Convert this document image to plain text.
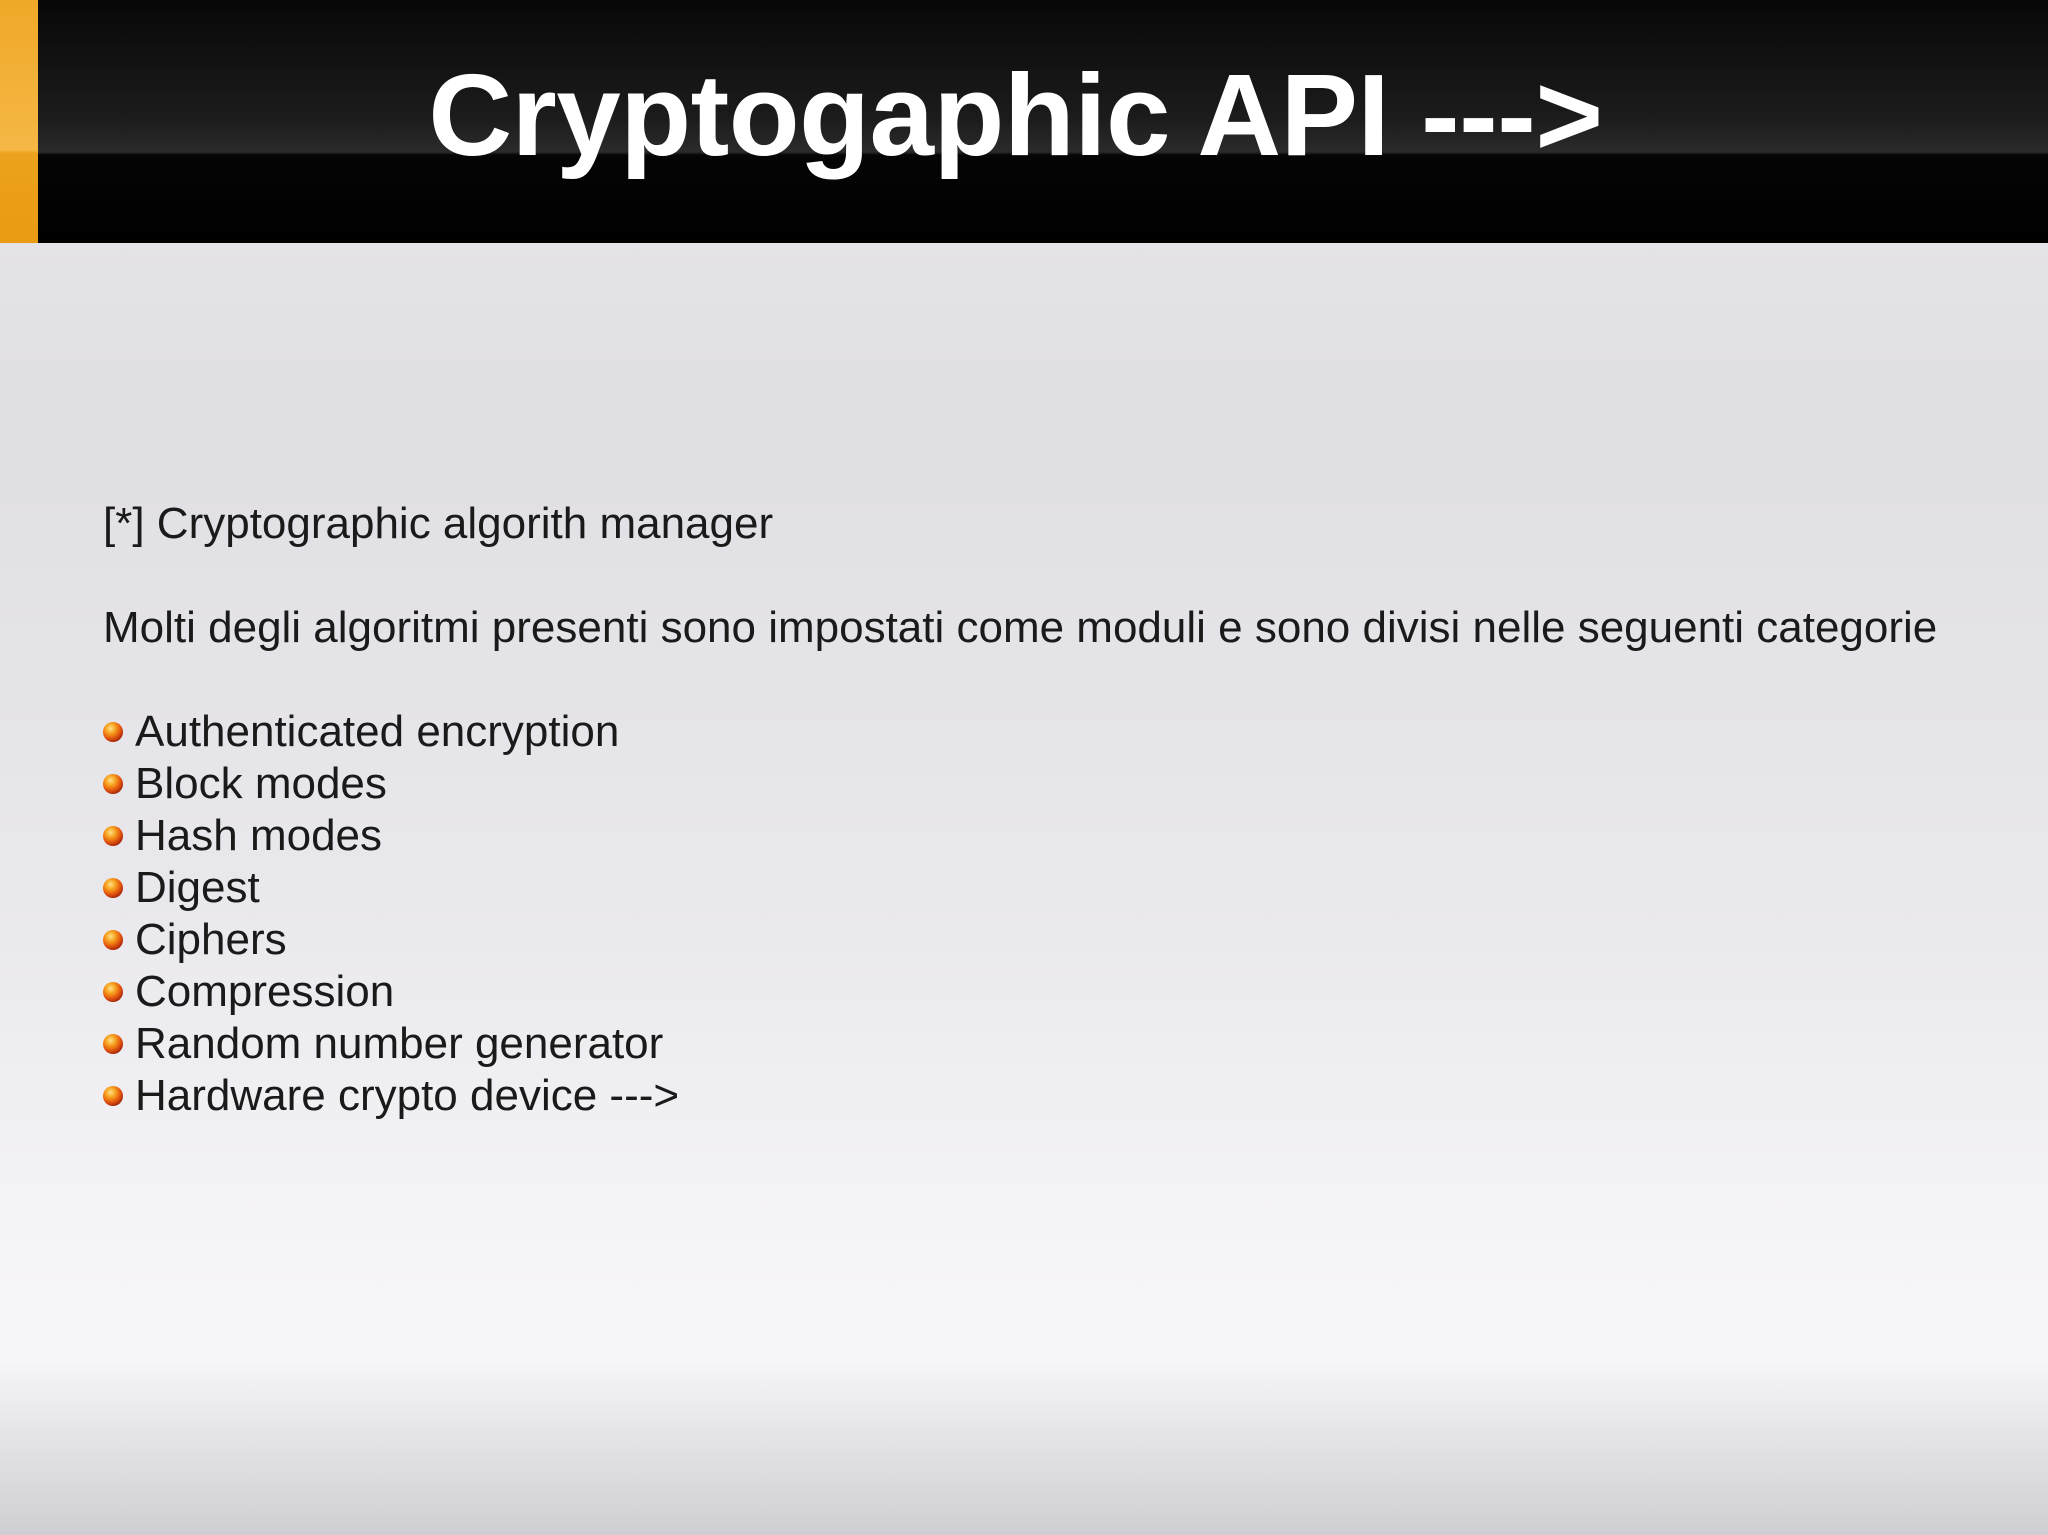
Cryptogaphic API --->

[*] Cryptographic algorith manager

Molti degli algoritmi presenti sono impostati come moduli e sono divisi nelle seguenti categorie

Authenticated encryption
Block modes
Hash modes
Digest
Ciphers
Compression
Random number generator
Hardware crypto device --->
